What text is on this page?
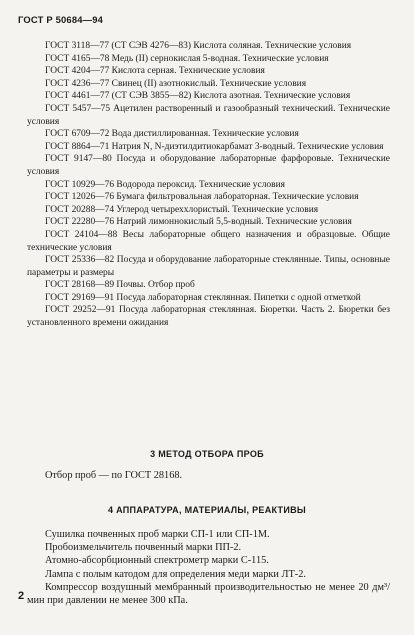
ГОСТ Р 50684—94
ГОСТ 3118—77 (СТ СЭВ 4276—83) Кислота соляная. Технические условия
ГОСТ 4165—78 Медь (II) сернокислая 5-водная. Технические условия
ГОСТ 4204—77 Кислота серная. Технические условия
ГОСТ 4236—77 Свинец (II) азотнокислый. Технические условия
ГОСТ 4461—77 (СТ СЭВ 3855—82) Кислота азотная. Технические условия
ГОСТ 5457—75 Ацетилен растворенный и газообразный технический. Технические условия
ГОСТ 6709—72 Вода дистиллированная. Технические условия
ГОСТ 8864—71 Натрия N, N-диэтилдитиокарбамат 3-водный. Технические условия
ГОСТ 9147—80 Посуда и оборудование лабораторные фарфоровые. Технические условия
ГОСТ 10929—76 Водорода пероксид. Технические условия
ГОСТ 12026—76 Бумага фильтровальная лабораторная. Технические условия
ГОСТ 20288—74 Углерод четыреххлористый. Технические условия
ГОСТ 22280—76 Натрий лимоннокислый 5,5-водный. Технические условия
ГОСТ 24104—88 Весы лабораторные общего назначения и образцовые. Общие технические условия
ГОСТ 25336—82 Посуда и оборудование лабораторные стеклянные. Типы, основные параметры и размеры
ГОСТ 28168—89 Почвы. Отбор проб
ГОСТ 29169—91 Посуда лабораторная стеклянная. Пипетки с одной отметкой
ГОСТ 29252—91 Посуда лабораторная стеклянная. Бюретки. Часть 2. Бюретки без установленного времени ожидания
3 МЕТОД ОТБОРА ПРОБ
Отбор проб — по ГОСТ 28168.
4 АППАРАТУРА, МАТЕРИАЛЫ, РЕАКТИВЫ
Сушилка почвенных проб марки СП-1 или СП-1М.
Пробоизмельчитель почвенный марки ПП-2.
Атомно-абсорбционный спектрометр марки С-115.
Лампа с полым катодом для определения меди марки ЛТ-2.
Компрессор воздушный мембранный производительностью не менее 20 дм³/мин при давлении не менее 300 кПа.
2
